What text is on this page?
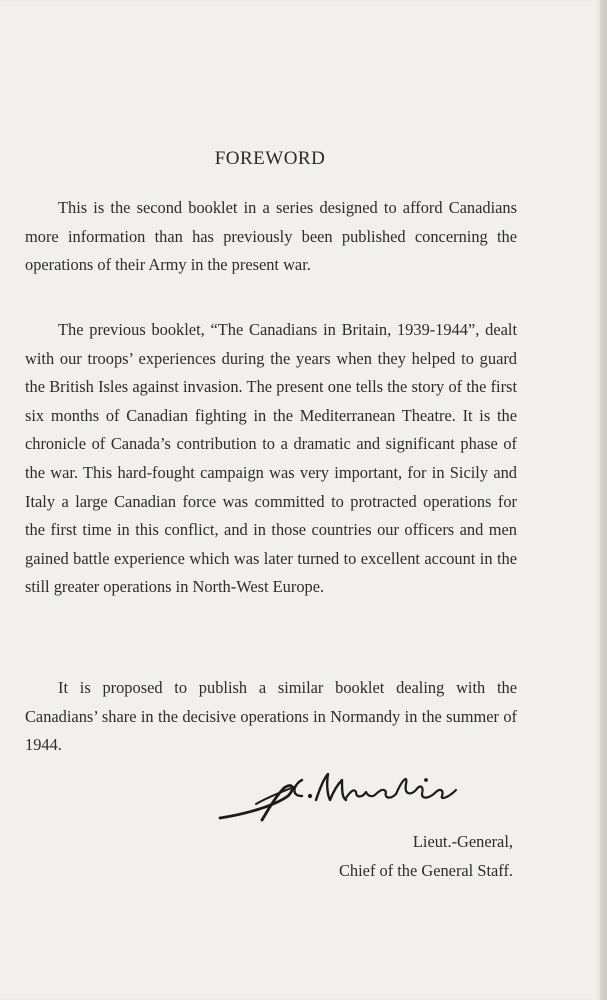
FOREWORD

This is the second booklet in a series designed to afford Canadians more information than has previously been published concerning the operations of their Army in the present war.

The previous booklet, “The Canadians in Britain, 1939-1944”, dealt with our troops’ experiences during the years when they helped to guard the British Isles against invasion. The present one tells the story of the first six months of Canadian fighting in the Mediterranean Theatre. It is the chronicle of Canada’s contribution to a dramatic and significant phase of the war. This hard-fought campaign was very important, for in Sicily and Italy a large Canadian force was committed to protracted operations for the first time in this conflict, and in those countries our officers and men gained battle experience which was later turned to excellent account in the still greater operations in North-West Europe.

It is proposed to publish a similar booklet dealing with the Canadians’ share in the decisive operations in Normandy in the summer of 1944.

Lieut.-General,
Chief of the General Staff.
